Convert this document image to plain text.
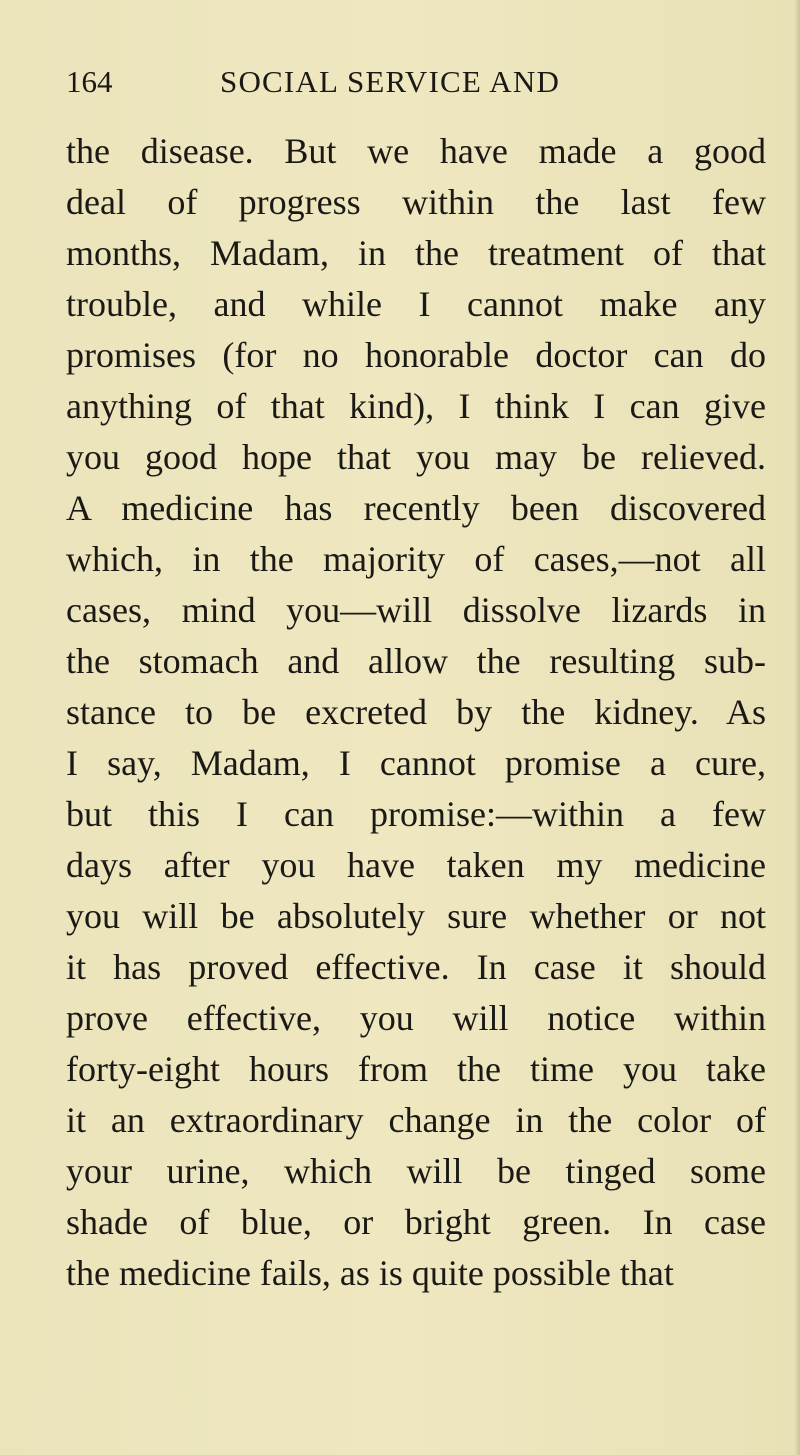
164	SOCIAL SERVICE AND
the disease. But we have made a good
deal of progress within the last few
months, Madam, in the treatment of that
trouble, and while I cannot make any
promises (for no honorable doctor can do
anything of that kind), I think I can give
you good hope that you may be relieved.
A medicine has recently been discovered
which, in the majority of cases,—not all
cases, mind you—will dissolve lizards in
the stomach and allow the resulting sub-
stance to be excreted by the kidney. As
I say, Madam, I cannot promise a cure,
but this I can promise:—within a few
days after you have taken my medicine
you will be absolutely sure whether or not
it has proved effective. In case it should
prove effective, you will notice within
forty-eight hours from the time you take
it an extraordinary change in the color of
your urine, which will be tinged some
shade of blue, or bright green. In case
the medicine fails, as is quite possible that
